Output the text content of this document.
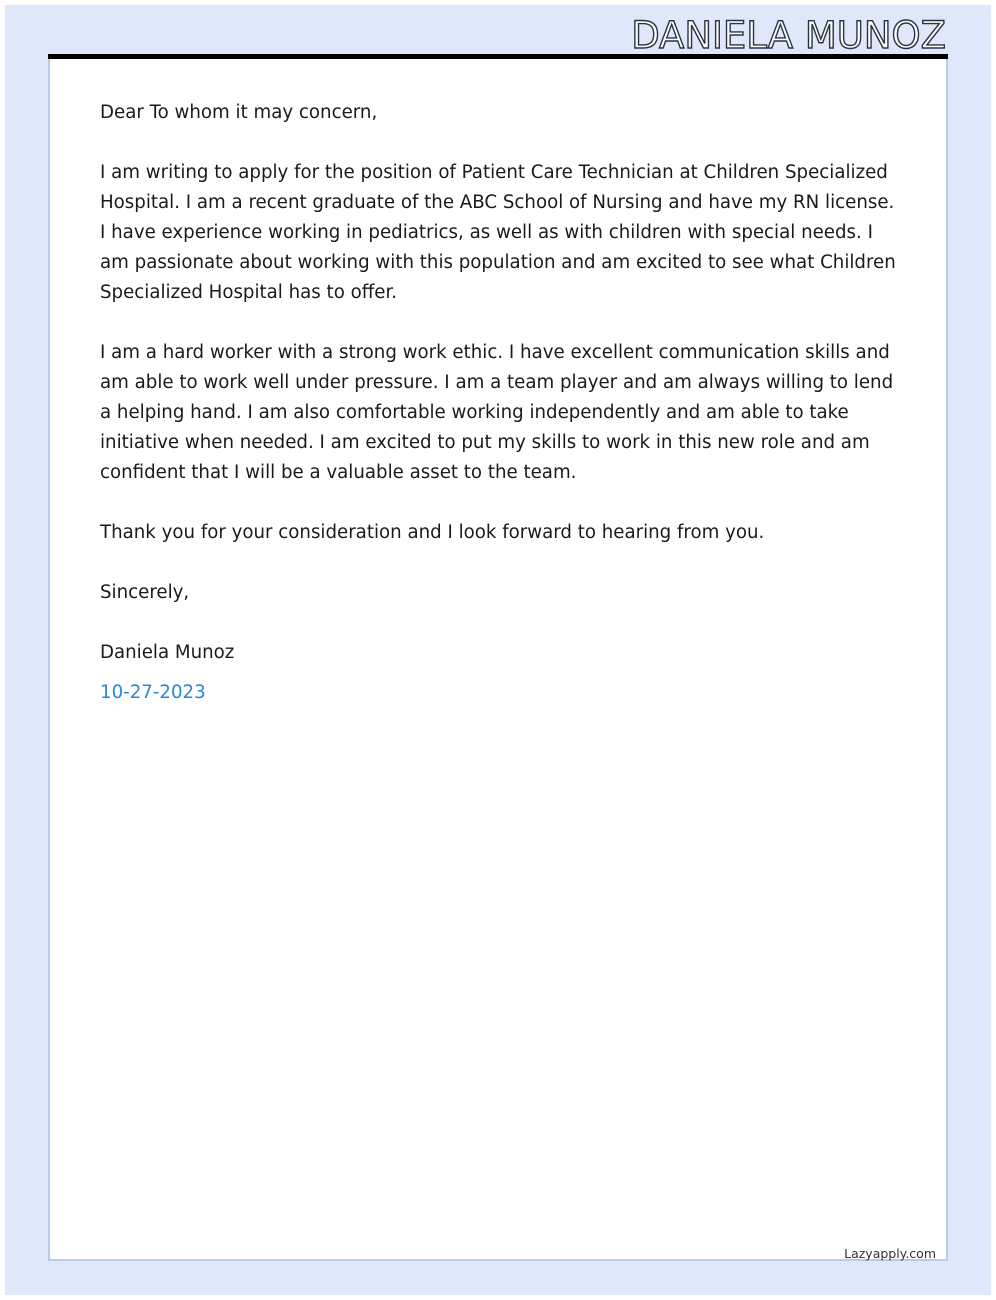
DANIELA MUNOZ

Dear To whom it may concern,

I am writing to apply for the position of Patient Care Technician at Children Specialized Hospital. I am a recent graduate of the ABC School of Nursing and have my RN license. I have experience working in pediatrics, as well as with children with special needs. I am passionate about working with this population and am excited to see what Children Specialized Hospital has to offer.

I am a hard worker with a strong work ethic. I have excellent communication skills and am able to work well under pressure. I am a team player and am always willing to lend a helping hand. I am also comfortable working independently and am able to take initiative when needed. I am excited to put my skills to work in this new role and am confident that I will be a valuable asset to the team.

Thank you for your consideration and I look forward to hearing from you.

Sincerely,

Daniela Munoz

10-27-2023

Lazyapply.com
